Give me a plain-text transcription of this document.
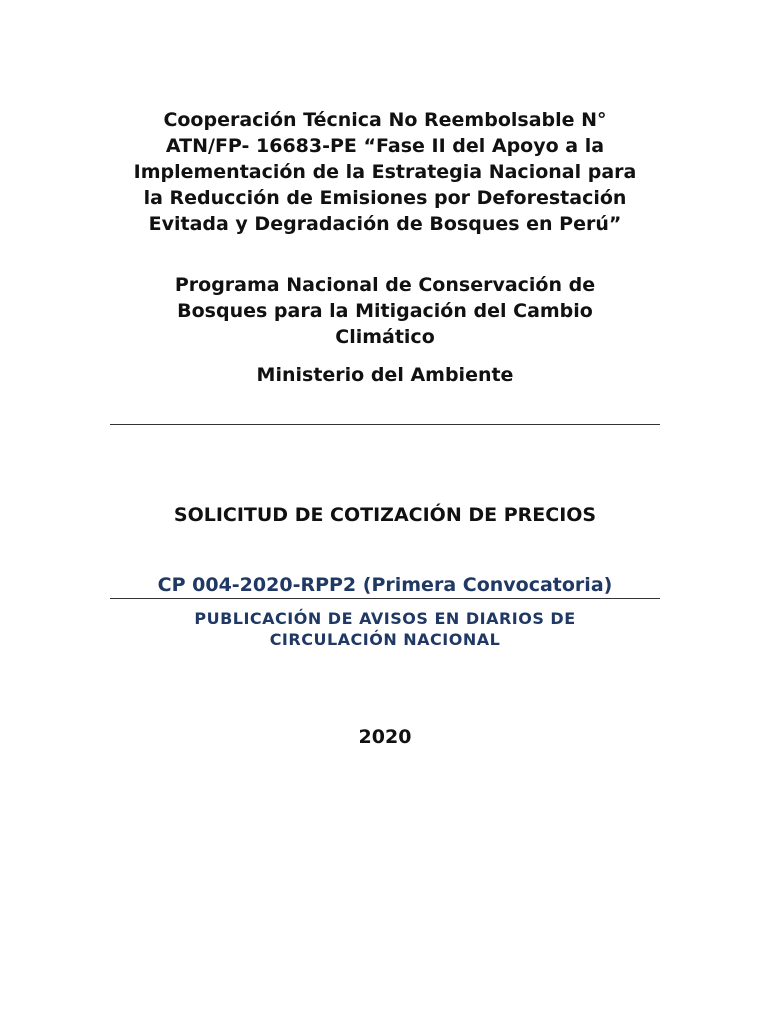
Cooperación Técnica No Reembolsable N°
ATN/FP- 16683-PE “Fase II del Apoyo a la
Implementación de la Estrategia Nacional para
la Reducción de Emisiones por Deforestación
Evitada y Degradación de Bosques en Perú”
Programa Nacional de Conservación de
Bosques para la Mitigación del Cambio
Climático
Ministerio del Ambiente
SOLICITUD DE COTIZACIÓN DE PRECIOS
CP 004-2020-RPP2 (Primera Convocatoria)
PUBLICACIÓN DE AVISOS EN DIARIOS DE
CIRCULACIÓN NACIONAL
2020
